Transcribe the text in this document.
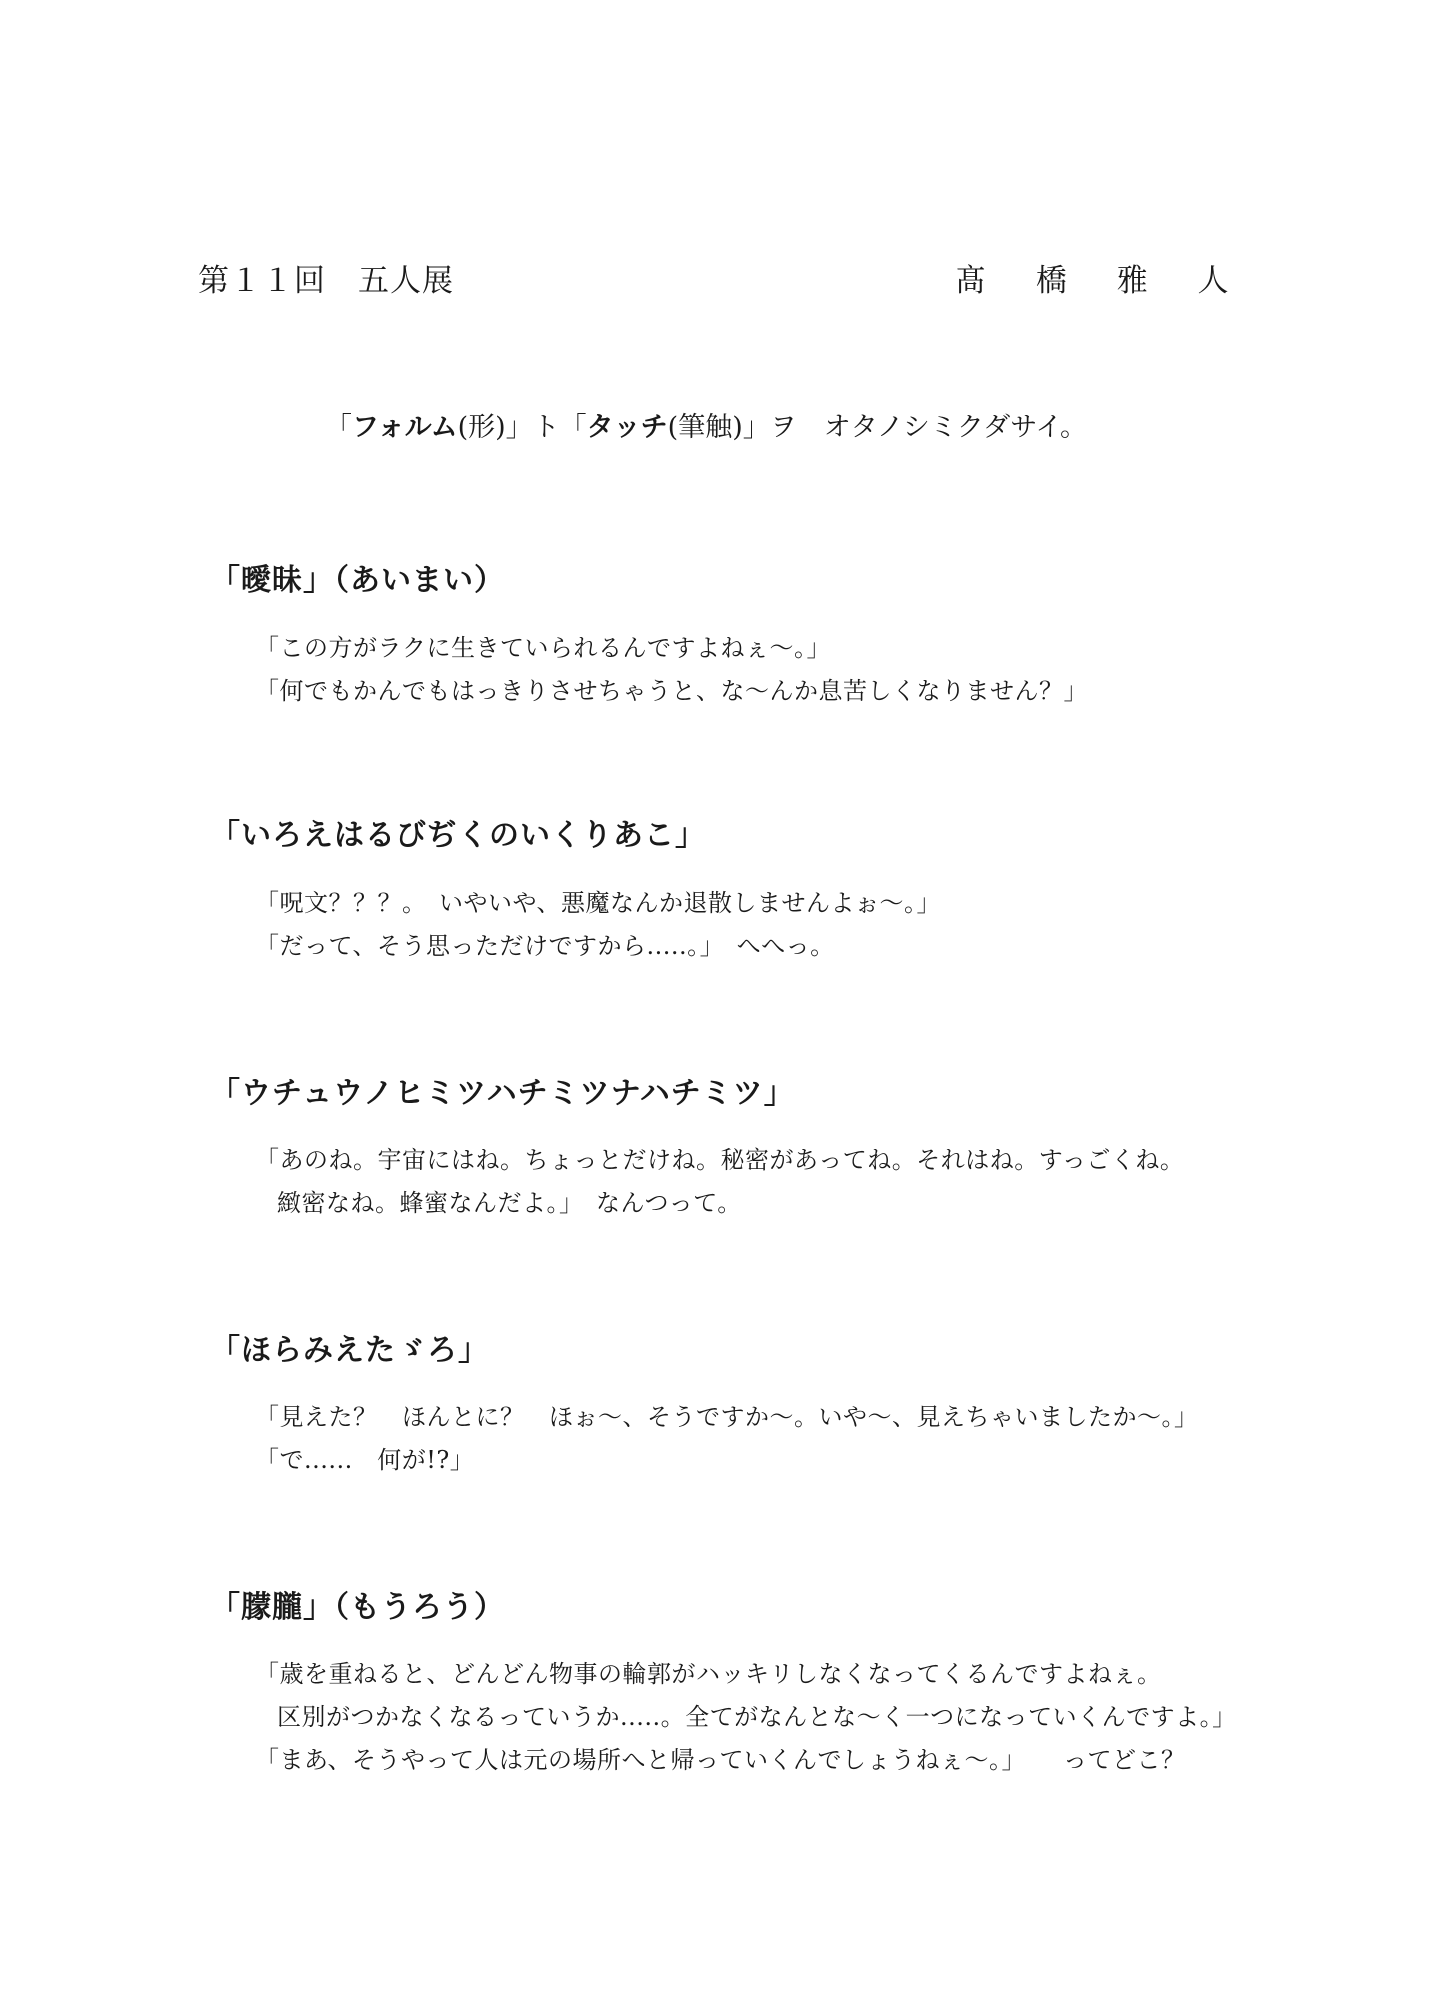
第１１回　五人展	髙 橋 雅 人
「フォルム(形)」ト「タッチ(筆触)」ヲ　オタノシミクダサイ。
「曖昧」（あいまい）
「この方がラクに生きていられるんですよねぇ〜。」
「何でもかんでもはっきりさせちゃうと、な〜んか息苦しくなりません？」
「いろえはるびぢくのいくりあこ」
「呪文？？？。　いやいや、悪魔なんか退散しませんよぉ〜。」
「だって、そう思っただけですから.....。」　へへっ。
「ウチュウノヒミツハチミツナハチミツ」
「あのね。宇宙にはね。ちょっとだけね。秘密があってね。それはね。すっごくね。
緻密なね。蜂蜜なんだよ。」　なんつって。
「ほらみえたゞろ」
「見えた？　ほんとに？　ほぉ〜、そうですか〜。いや〜、見えちゃいましたか〜。」
「で......　何が!?」
「朦朧」（もうろう）
「歳を重ねると、どんどん物事の輪郭がハッキリしなくなってくるんですよねぇ。
区別がつかなくなるっていうか.....。全てがなんとな〜く一つになっていくんですよ。」
「まあ、そうやって人は元の場所へと帰っていくんでしょうねぇ〜。」　　ってどこ？
